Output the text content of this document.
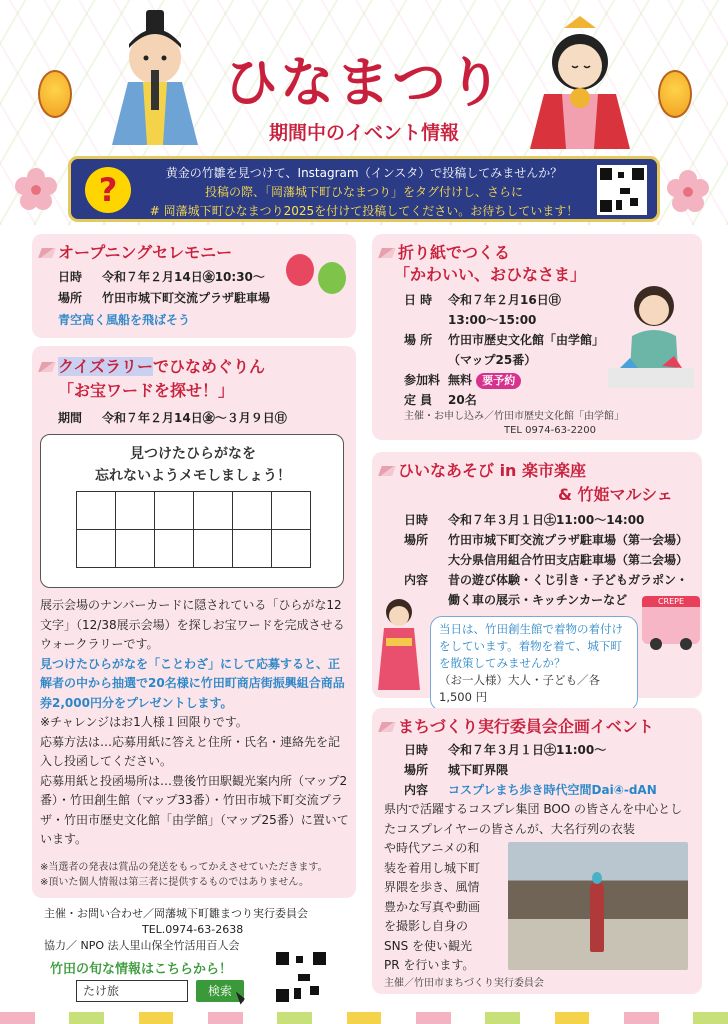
ひなまつり
期間中のイベント情報
?	黄金の竹雛を見つけて、Instagram（インスタ）で投稿してみませんか？
投稿の際、「岡藩城下町ひなまつり」をタグ付けし、さらに
# 岡藩城下町ひなまつり2025を付けて投稿してください。お待ちしています！
オープニングセレモニー
日時 令和７年２月14日㊎10:30～
場所 竹田市城下町交流プラザ駐車場
青空高く風船を飛ばそう
クイズラリーでひなめぐりん
「お宝ワードを探せ！」
期間 令和７年２月14日㊎～３月９日㊐
見つけたひらがなを
忘れないようメモしましょう！
展示会場のナンバーカードに隠されている「ひらがな12文字」（12/38展示会場）を探しお宝ワードを完成させるウォークラリーです。
見つけたひらがなを「ことわざ」にして応募すると、正解者の中から抽選で20名様に竹田町商店街振興組合商品券2,000円分をプレゼントします。
※チャレンジはお1人様１回限りです。
応募方法は…応募用紙に答えと住所・氏名・連絡先を記入し投函してください。
応募用紙と投函場所は…豊後竹田駅観光案内所（マップ2番）・竹田創生館（マップ33番）・竹田市城下町交流プラザ・竹田市歴史文化館「由学館」（マップ25番）に置いています。
※当選者の発表は賞品の発送をもってかえさせていただきます。
※頂いた個人情報は第三者に提供するものではありません。
折り紙でつくる
「かわいい、おひなさま」
日 時 令和７年２月16日㊐
13:00～15:00
場 所 竹田市歴史文化館「由学館」
（マップ25番）
参加料 無料 要予約
定 員 20名
主催・お申し込み／竹田市歴史文化館「由学館」
TEL 0974-63-2200
ひいなあそび in 楽市楽座
& 竹姫マルシェ
日時 令和７年３月１日㊏11:00～14:00
場所 竹田市城下町交流プラザ駐車場（第一会場）
大分県信用組合竹田支店駐車場（第二会場）
内容 昔の遊び体験・くじ引き・子どもガラポン・
働く車の展示・キッチンカーなど
当日は、竹田創生館で着物の着付け
をしています。着物を着て、城下町
を散策してみませんか？
（お一人様）大人・子ども／各 1,500 円
CREPE
まちづくり実行委員会企画イベント
日時 令和７年３月１日㊏11:00～
場所 城下町界隈
内容 コスプレまち歩き時代空間Dai④-dAN
県内で活躍するコスプレ集団 BOO の皆さんを中心としたコスプレイヤーの皆さんが、大名行列の衣装
や時代アニメの和
装を着用し城下町
界隈を歩き、風情
豊かな写真や動画
を撮影し自身の
SNS を使い観光
PR を行います。
主催／竹田市まちづくり実行委員会
主催・お問い合わせ／岡藩城下町雛まつり実行委員会
TEL.0974-63-2638
協力／ NPO 法人里山保全竹活用百人会
竹田の旬な情報はこちらから！
たけ旅	検索
